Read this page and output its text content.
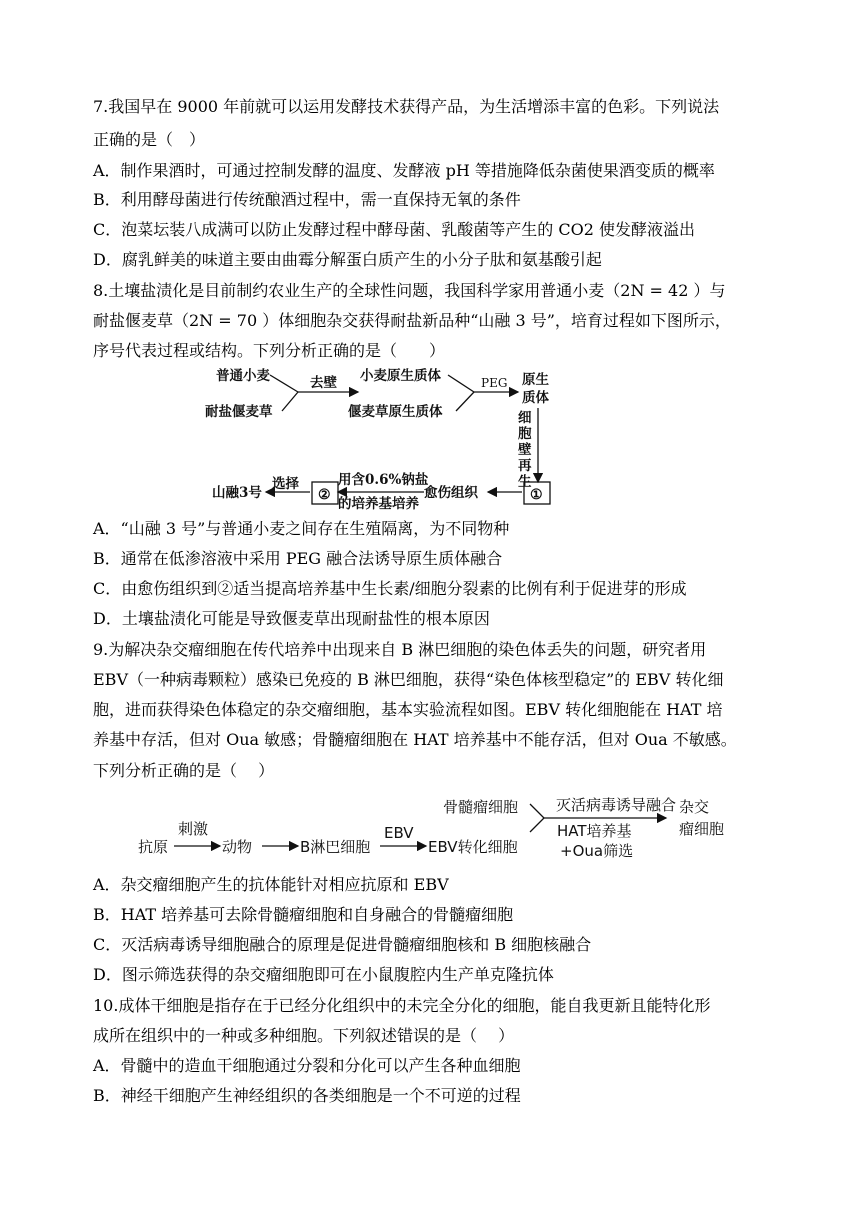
7.我国早在 9000 年前就可以运用发酵技术获得产品，为生活增添丰富的色彩。下列说法
正确的是（　）
A．制作果酒时，可通过控制发酵的温度、发酵液 pH 等措施降低杂菌使果酒变质的概率
B．利用酵母菌进行传统酿酒过程中，需一直保持无氧的条件
C．泡菜坛装八成满可以防止发酵过程中酵母菌、乳酸菌等产生的 CO2 使发酵液溢出
D．腐乳鲜美的味道主要由曲霉分解蛋白质产生的小分子肽和氨基酸引起
8.土壤盐渍化是目前制约农业生产的全球性问题，我国科学家用普通小麦（2N = 42 ）与
耐盐偃麦草（2N = 70 ）体细胞杂交获得耐盐新品种“山融 3 号”，培育过程如下图所示，
序号代表过程或结构。下列分析正确的是（　　）
普通小麦
耐盐偃麦草
去壁 小麦原生质体
偃麦草原生质体
PEG 原生
质体
细
胞
壁
再
生
①
愈伤组织
用含0.6%钠盐
的培养基培养
②
选择
山融3号
A．“山融 3 号”与普通小麦之间存在生殖隔离，为不同物种
B．通常在低渗溶液中采用 PEG 融合法诱导原生质体融合
C．由愈伤组织到②适当提高培养基中生长素/细胞分裂素的比例有利于促进芽的形成
D．土壤盐渍化可能是导致偃麦草出现耐盐性的根本原因
9.为解决杂交瘤细胞在传代培养中出现来自 B 淋巴细胞的染色体丢失的问题，研究者用
EBV（一种病毒颗粒）感染已免疫的 B 淋巴细胞，获得“染色体核型稳定”的 EBV 转化细
胞，进而获得染色体稳定的杂交瘤细胞，基本实验流程如图。EBV 转化细胞能在 HAT 培
养基中存活，但对 Oua 敏感；骨髓瘤细胞在 HAT 培养基中不能存活，但对 Oua 不敏感。
下列分析正确的是（　 ）
抗原
刺激
动物	B淋巴细胞
EBV
EBV转化细胞
骨髓瘤细胞	灭活病毒诱导融合
HAT培养基
+Oua筛选
杂交
瘤细胞
A．杂交瘤细胞产生的抗体能针对相应抗原和 EBV
B．HAT 培养基可去除骨髓瘤细胞和自身融合的骨髓瘤细胞
C．灭活病毒诱导细胞融合的原理是促进骨髓瘤细胞核和 B 细胞核融合
D．图示筛选获得的杂交瘤细胞即可在小鼠腹腔内生产单克隆抗体
10.成体干细胞是指存在于已经分化组织中的未完全分化的细胞，能自我更新且能特化形
成所在组织中的一种或多种细胞。下列叙述错误的是（　 ）
A．骨髓中的造血干细胞通过分裂和分化可以产生各种血细胞
B．神经干细胞产生神经组织的各类细胞是一个不可逆的过程
